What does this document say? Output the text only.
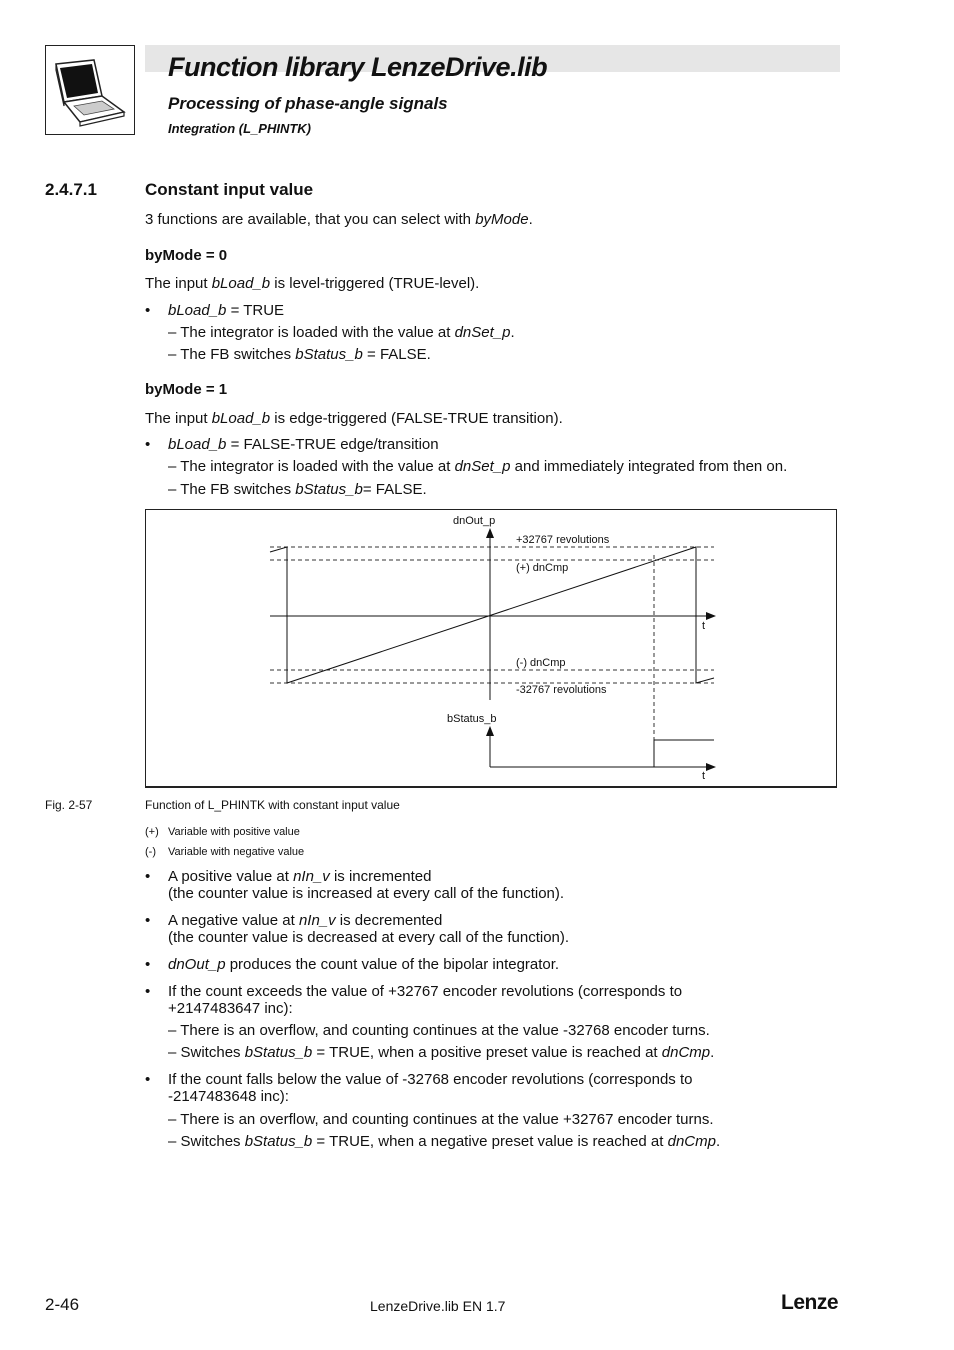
Function library LenzeDrive.lib
Processing of phase-angle signals
Integration (L_PHINTK)
2.4.7.1	Constant input value
3 functions are available, that you can select with byMode.
byMode = 0
The input bLoad_b is level-triggered (TRUE-level).
• bLoad_b = TRUE
– The integrator is loaded with the value at dnSet_p.
– The FB switches bStatus_b = FALSE.
byMode = 1
The input bLoad_b is edge-triggered (FALSE-TRUE transition).
• bLoad_b = FALSE-TRUE edge/transition
– The integrator is loaded with the value at dnSet_p and immediately integrated from then on.
– The FB switches bStatus_b= FALSE.
dnOut_p
+32767 revolutions
(+) dnCmp
t
(-) dnCmp
-32767 revolutions
bStatus_b
t
Fig. 2-57	Function of L_PHINTK with constant input value
(+) Variable with positive value
(-) Variable with negative value
• A positive value at nIn_v is incremented
(the counter value is increased at every call of the function).
• A negative value at nIn_v is decremented
(the counter value is decreased at every call of the function).
• dnOut_p produces the count value of the bipolar integrator.
• If the count exceeds the value of +32767 encoder revolutions (corresponds to
+2147483647 inc):
– There is an overflow, and counting continues at the value -32768 encoder turns.
– Switches bStatus_b = TRUE, when a positive preset value is reached at dnCmp.
• If the count falls below the value of -32768 encoder revolutions (corresponds to
-2147483648 inc):
– There is an overflow, and counting continues at the value +32767 encoder turns.
– Switches bStatus_b = TRUE, when a negative preset value is reached at dnCmp.
2-46	LenzeDrive.lib EN 1.7	Lenze
